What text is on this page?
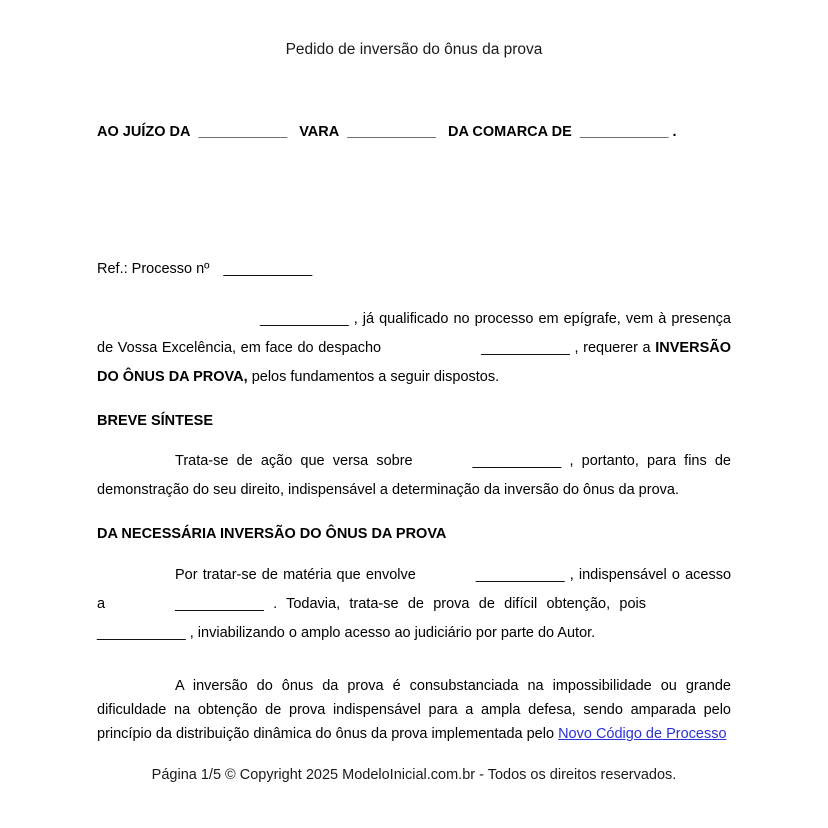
Pedido de inversão do ônus da prova

AO JUÍZO DA ___________ VARA ___________ DA COMARCA DE ___________ .

Ref.: Processo nº ___________

___________ , já qualificado no processo em epígrafe, vem à presença de Vossa Excelência, em face do despacho	___________ , requerer a INVERSÃO DO ÔNUS DA PROVA, pelos fundamentos a seguir dispostos.

BREVE SÍNTESE

Trata-se de ação que versa sobre	___________ , portanto, para fins de demonstração do seu direito, indispensável a determinação da inversão do ônus da prova.

DA NECESSÁRIA INVERSÃO DO ÔNUS DA PROVA

Por tratar-se de matéria que envolve	___________ , indispensável o acesso a	___________ . Todavia, trata-se de prova de difícil obtenção, pois___________ , inviabilizando o amplo acesso ao judiciário por parte do Autor.

A inversão do ônus da prova é consubstanciada na impossibilidade ou grande dificuldade na obtenção de prova indispensável para a ampla defesa, sendo amparada pelo princípio da distribuição dinâmica do ônus da prova implementada pelo Novo Código de Processo

Página 1/5 © Copyright 2025 ModeloInicial.com.br - Todos os direitos reservados.
